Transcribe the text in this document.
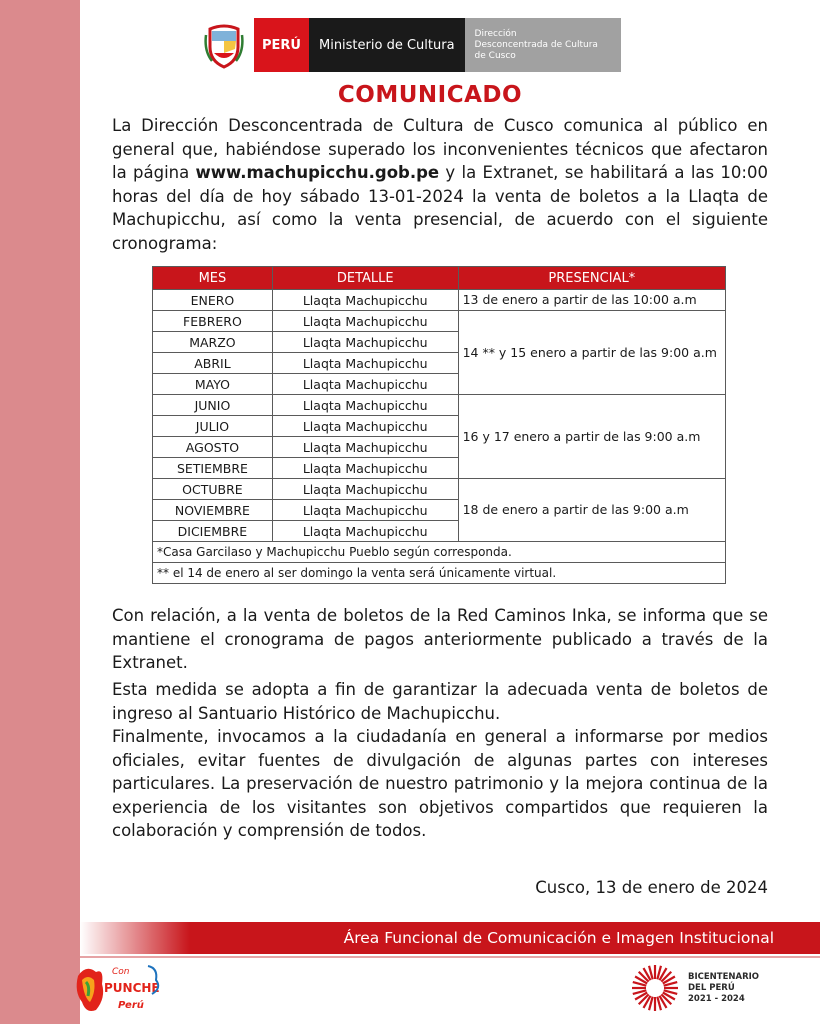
PERÚ	Ministerio de Cultura
Dirección
Desconcentrada de Cultura
de Cusco
COMUNICADO

La Dirección Desconcentrada de Cultura de Cusco comunica al público en general que, habiéndose superado los inconvenientes técnicos que afectaron la página www.machupicchu.gob.pe y la Extranet, se habilitará a las 10:00 horas del día de hoy sábado 13-01-2024 la venta de boletos a la Llaqta de Machupicchu, así como la venta presencial, de acuerdo con el siguiente cronograma:

MES	DETALLE	PRESENCIAL*
ENERO	Llaqta Machupicchu	13 de enero a partir de las 10:00 a.m
FEBRERO	Llaqta Machupicchu	14 ** y 15 enero a partir de las 9:00 a.m
MARZO	Llaqta Machupicchu	
ABRIL	Llaqta Machupicchu	
MAYO	Llaqta Machupicchu	
JUNIO	Llaqta Machupicchu	16 y 17 enero a partir de las 9:00 a.m
JULIO	Llaqta Machupicchu	
AGOSTO	Llaqta Machupicchu	
SETIEMBRE	Llaqta Machupicchu	
OCTUBRE	Llaqta Machupicchu	18 de enero a partir de las 9:00 a.m
NOVIEMBRE	Llaqta Machupicchu	
DICIEMBRE	Llaqta Machupicchu	
*Casa Garcilaso y Machupicchu Pueblo según corresponda.		
** el 14 de enero al ser domingo la venta será únicamente virtual.		

Con relación, a la venta de boletos de la Red Caminos Inka, se informa que se mantiene el cronograma de pagos anteriormente publicado a través de la Extranet.

Esta medida se adopta a fin de garantizar la adecuada venta de boletos de ingreso al Santuario Histórico de Machupicchu.

Finalmente, invocamos a la ciudadanía en general a informarse por medios oficiales, evitar fuentes de divulgación de algunas partes con intereses particulares. La preservación de nuestro patrimonio y la mejora continua de la experiencia de los visitantes son objetivos compartidos que requieren la colaboración y comprensión de todos.

Cusco, 13 de enero de 2024
Área Funcional de Comunicación e Imagen Institucional
Con
PUNCHE
Perú
BICENTENARIO
DEL PERÚ
2021 - 2024
